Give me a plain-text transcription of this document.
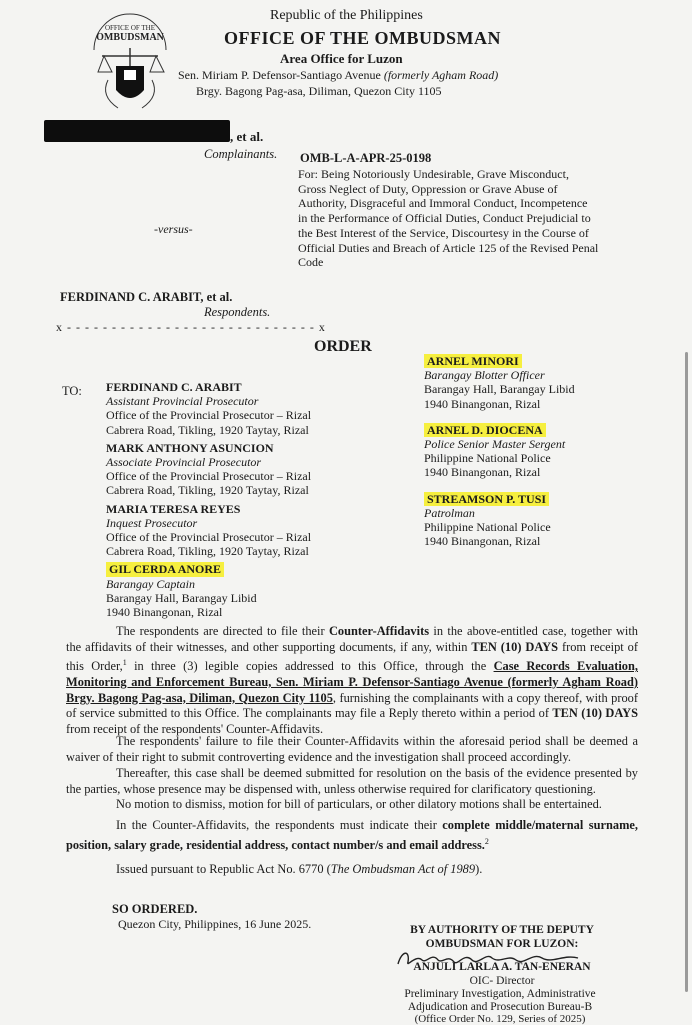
OFFICE OF THE
OMBUDSMAN
Republic of the Philippines
OFFICE OF THE OMBUDSMAN
Area Office for Luzon
Sen. Miriam P. Defensor-Santiago Avenue (formerly Agham Road)
Brgy. Bagong Pag-asa, Diliman, Quezon City 1105
, et al.
Complainants. OMB-L-A-APR-25-0198
For: Being Notoriously Undesirable, Grave Misconduct,
Gross Neglect of Duty, Oppression or Grave Abuse of
Authority, Disgraceful and Immoral Conduct, Incompetence
in the Performance of Official Duties, Conduct Prejudicial to
the Best Interest of the Service, Discourtesy in the Course of
Official Duties and Breach of Article 125 of the Revised Penal
Code
-versus-
FERDINAND C. ARABIT, et al.
Respondents.
x - - - - - - - - - - - - - - - - - - - - - - - - - - - - x
ORDER
TO: FERDINAND C. ARABIT
Assistant Provincial Prosecutor
Office of the Provincial Prosecutor – Rizal
Cabrera Road, Tikling, 1920 Taytay, Rizal
MARK ANTHONY ASUNCION
Associate Provincial Prosecutor
Office of the Provincial Prosecutor – Rizal
Cabrera Road, Tikling, 1920 Taytay, Rizal
MARIA TERESA REYES
Inquest Prosecutor
Office of the Provincial Prosecutor – Rizal
Cabrera Road, Tikling, 1920 Taytay, Rizal
GIL CERDA ANORE
Barangay Captain
Barangay Hall, Barangay Libid
1940 Binangonan, Rizal
ARNEL MINORI
Barangay Blotter Officer
Barangay Hall, Barangay Libid
1940 Binangonan, Rizal
ARNEL D. DIOCENA
Police Senior Master Sergent
Philippine National Police
1940 Binangonan, Rizal
STREAMSON P. TUSI
Patrolman
Philippine National Police
1940 Binangonan, Rizal
The respondents are directed to file their Counter-Affidavits in the above-entitled case, together with the affidavits of their witnesses, and other supporting documents, if any, within TEN (10) DAYS from receipt of this Order,$^1$ in three (3) legible copies addressed to this Office, through the Case Records Evaluation, Monitoring and Enforcement Bureau, Sen. Miriam P. Defensor-Santiago Avenue (formerly Agham Road) Brgy. Bagong Pag-asa, Diliman, Quezon City 1105, furnishing the complainants with a copy thereof, with proof of service submitted to this Office. The complainants may file a Reply thereto within a period of TEN (10) DAYS from receipt of the respondents' Counter-Affidavits.
The respondents' failure to file their Counter-Affidavits within the aforesaid period shall be deemed a waiver of their right to submit controverting evidence and the investigation shall proceed accordingly.
Thereafter, this case shall be deemed submitted for resolution on the basis of the evidence presented by the parties, whose presence may be dispensed with, unless otherwise required for clarificatory questioning.
No motion to dismiss, motion for bill of particulars, or other dilatory motions shall be entertained.
In the Counter-Affidavits, the respondents must indicate their complete middle/maternal surname, position, salary grade, residential address, contact number/s and email address.$^2$
Issued pursuant to Republic Act No. 6770 (The Ombudsman Act of 1989).
SO ORDERED.
Quezon City, Philippines, 16 June 2025.	BY AUTHORITY OF THE DEPUTY
OMBUDSMAN FOR LUZON:
ANJULI LARLA A. TAN-ENERAN
OIC- Director
Preliminary Investigation, Administrative
Adjudication and Prosecution Bureau-B
(Office Order No. 129, Series of 2025)
